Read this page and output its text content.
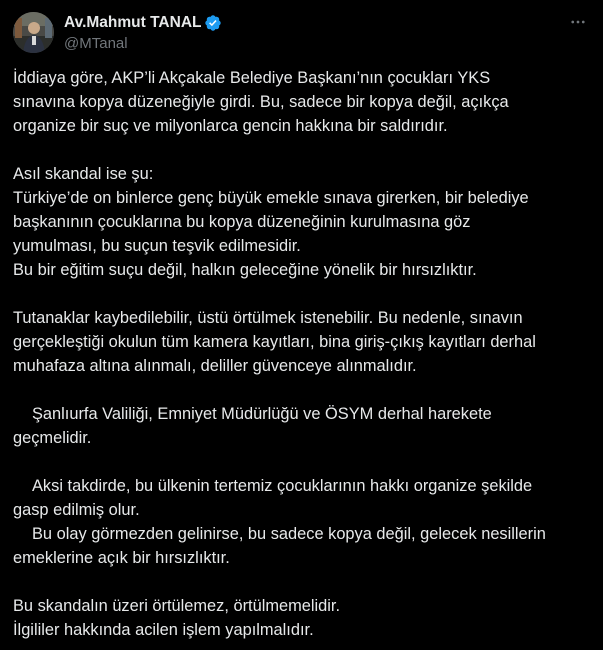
Av.Mahmut TANAL
@MTanal

İddiaya göre, AKP’li Akçakale Belediye Başkanı’nın çocukları YKS
sınavına kopya düzeneğiyle girdi. Bu, sadece bir kopya değil, açıkça
organize bir suç ve milyonlarca gencin hakkına bir saldırıdır.

Asıl skandal ise şu:
Türkiye’de on binlerce genç büyük emekle sınava girerken, bir belediye
başkanının çocuklarına bu kopya düzeneğinin kurulmasına göz
yumulması, bu suçun teşvik edilmesidir.
Bu bir eğitim suçu değil, halkın geleceğine yönelik bir hırsızlıktır.

Tutanaklar kaybedilebilir, üstü örtülmek istenebilir. Bu nedenle, sınavın
gerçekleştiği okulun tüm kamera kayıtları, bina giriş-çıkış kayıtları derhal
muhafaza altına alınmalı, deliller güvenceye alınmalıdır.

Şanlıurfa Valiliği, Emniyet Müdürlüğü ve ÖSYM derhal harekete
geçmelidir.

Aksi takdirde, bu ülkenin tertemiz çocuklarının hakkı organize şekilde
gasp edilmiş olur.
Bu olay görmezden gelinirse, bu sadece kopya değil, gelecek nesillerin
emeklerine açık bir hırsızlıktır.

Bu skandalın üzeri örtülemez, örtülmemelidir.
İlgililer hakkında acilen işlem yapılmalıdır.
